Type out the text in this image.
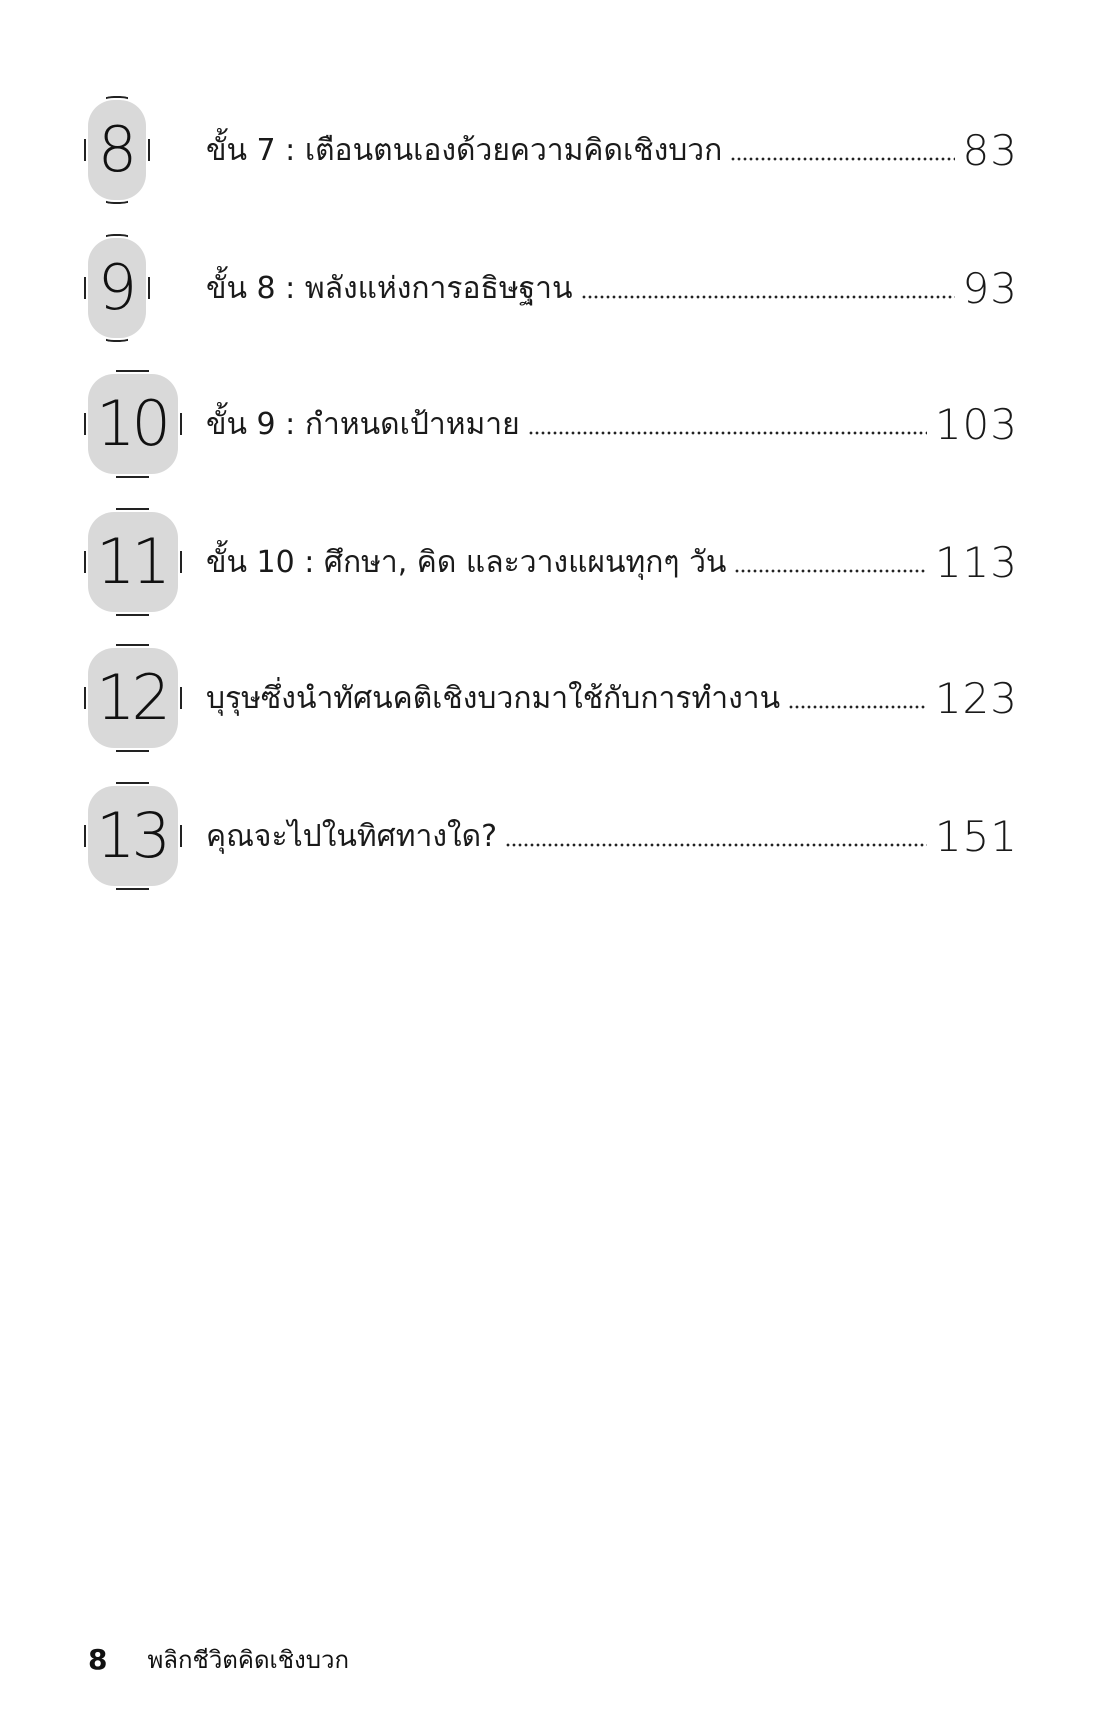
8 ขั้น 7 : เตือนตนเองด้วยความคิดเชิงบวก	83
9 ขั้น 8 : พลังแห่งการอธิษฐาน	93
10 ขั้น 9 : กำหนดเป้าหมาย	103
11 ขั้น 10 : ศึกษา, คิด และวางแผนทุกๆ วัน	113
12 บุรุษซึ่งนำทัศนคติเชิงบวกมาใช้กับการทำงาน	123
13 คุณจะไปในทิศทางใด?	151
8 พลิกชีวิตคิดเชิงบวก
